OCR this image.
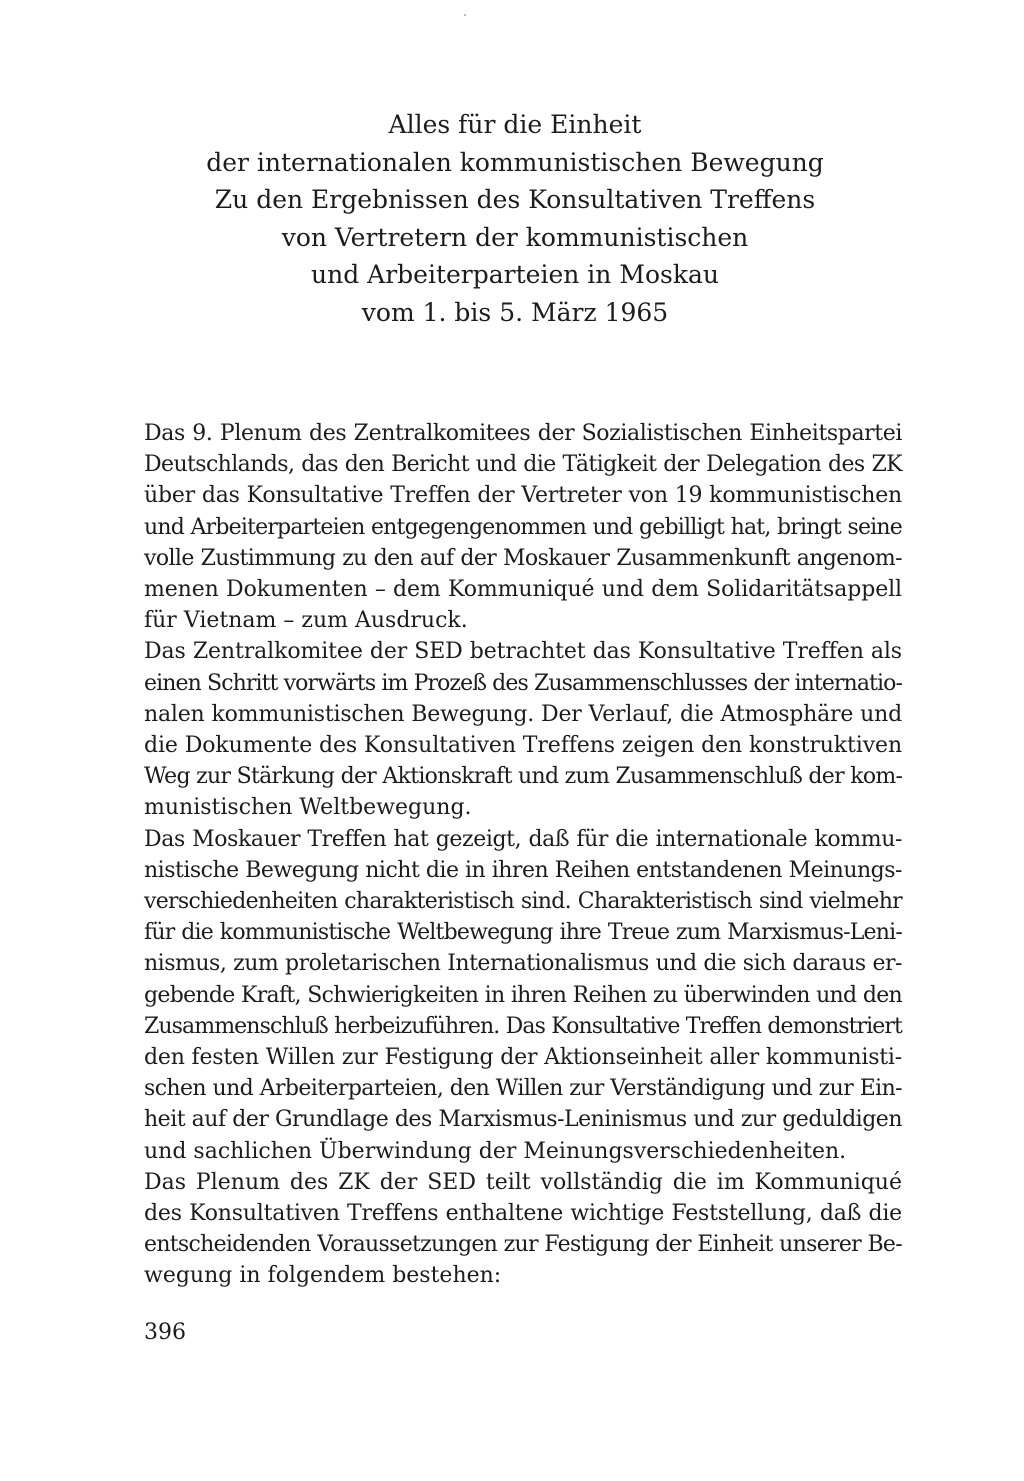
Alles für die Einheit
der internationalen kommunistischen Bewegung
Zu den Ergebnissen des Konsultativen Treffens
von Vertretern der kommunistischen
und Arbeiterparteien in Moskau
vom 1. bis 5. März 1965
Das 9. Plenum des Zentralkomitees der Sozialistischen Einheitspartei
Deutschlands, das den Bericht und die Tätigkeit der Delegation des ZK
über das Konsultative Treffen der Vertreter von 19 kommunistischen
und Arbeiterparteien entgegengenommen und gebilligt hat, bringt seine
volle Zustimmung zu den auf der Moskauer Zusammenkunft angenom-
menen Dokumenten – dem Kommuniqué und dem Solidaritätsappell
für Vietnam – zum Ausdruck.
Das Zentralkomitee der SED betrachtet das Konsultative Treffen als
einen Schritt vorwärts im Prozeß des Zusammenschlusses der internatio-
nalen kommunistischen Bewegung. Der Verlauf, die Atmosphäre und
die Dokumente des Konsultativen Treffens zeigen den konstruktiven
Weg zur Stärkung der Aktionskraft und zum Zusammenschluß der kom-
munistischen Weltbewegung.
Das Moskauer Treffen hat gezeigt, daß für die internationale kommu-
nistische Bewegung nicht die in ihren Reihen entstandenen Meinungs-
verschiedenheiten charakteristisch sind. Charakteristisch sind vielmehr
für die kommunistische Weltbewegung ihre Treue zum Marxismus-Leni-
nismus, zum proletarischen Internationalismus und die sich daraus er-
gebende Kraft, Schwierigkeiten in ihren Reihen zu überwinden und den
Zusammenschluß herbeizuführen. Das Konsultative Treffen demonstriert
den festen Willen zur Festigung der Aktionseinheit aller kommunisti-
schen und Arbeiterparteien, den Willen zur Verständigung und zur Ein-
heit auf der Grundlage des Marxismus-Leninismus und zur geduldigen
und sachlichen Überwindung der Meinungsverschiedenheiten.
Das Plenum des ZK der SED teilt vollständig die im Kommuniqué
des Konsultativen Treffens enthaltene wichtige Feststellung, daß die
entscheidenden Voraussetzungen zur Festigung der Einheit unserer Be-
wegung in folgendem bestehen:
396
